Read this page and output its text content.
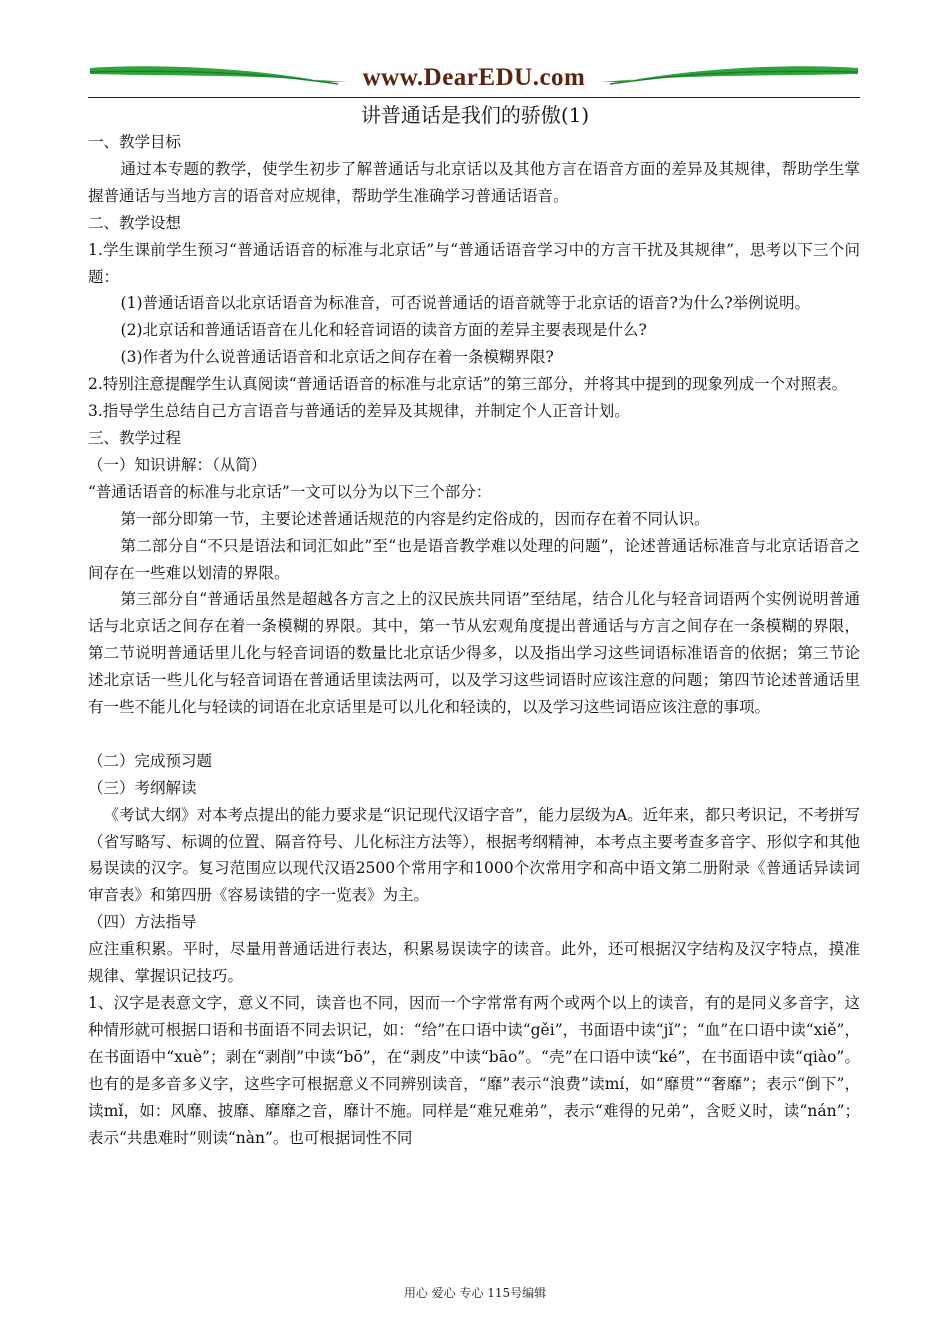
www.DearEDU.com
讲普通话是我们的骄傲(1)

一、教学目标

通过本专题的教学，使学生初步了解普通话与北京话以及其他方言在语音方面的差异及其规律，帮助学生掌握普通话与当地方言的语音对应规律，帮助学生准确学习普通话语音。

二、教学设想

1.学生课前学生预习“普通话语音的标准与北京话”与“普通话语音学习中的方言干扰及其规律”，思考以下三个问题：

(1)普通话语音以北京话语音为标准音，可否说普通话的语音就等于北京话的语音?为什么?举例说明。

(2)北京话和普通话语音在儿化和轻音词语的读音方面的差异主要表现是什么?

(3)作者为什么说普通话语音和北京话之间存在着一条模糊界限?

2.特别注意提醒学生认真阅读“普通话语音的标准与北京话”的第三部分，并将其中提到的现象列成一个对照表。

3.指导学生总结自己方言语音与普通话的差异及其规律，并制定个人正音计划。

三、教学过程

（一）知识讲解：（从简）

“普通话语音的标准与北京话”一文可以分为以下三个部分：

第一部分即第一节，主要论述普通话规范的内容是约定俗成的，因而存在着不同认识。

第二部分自“不只是语法和词汇如此”至“也是语音教学难以处理的问题”，论述普通话标准音与北京话语音之间存在一些难以划清的界限。

第三部分自“普通话虽然是超越各方言之上的汉民族共同语”至结尾，结合儿化与轻音词语两个实例说明普通话与北京话之间存在着一条模糊的界限。其中，第一节从宏观角度提出普通话与方言之间存在一条模糊的界限，第二节说明普通话里儿化与轻音词语的数量比北京话少得多，以及指出学习这些词语标准语音的依据；第三节论述北京话一些儿化与轻音词语在普通话里读法两可，以及学习这些词语时应该注意的问题；第四节论述普通话里有一些不能儿化与轻读的词语在北京话里是可以儿化和轻读的，以及学习这些词语应该注意的事项。

（二）完成预习题

（三）考纲解读

《考试大纲》对本考点提出的能力要求是“识记现代汉语字音”，能力层级为A。近年来，都只考识记，不考拼写（省写略写、标调的位置、隔音符号、儿化标注方法等），根据考纲精神，本考点主要考查多音字、形似字和其他易误读的汉字。复习范围应以现代汉语2500个常用字和1000个次常用字和高中语文第二册附录《普通话异读词审音表》和第四册《容易读错的字一览表》为主。

（四）方法指导

应注重积累。平时，尽量用普通话进行表达，积累易误读字的读音。此外，还可根据汉字结构及汉字特点，摸准规律、掌握识记技巧。

1、汉字是表意文字，意义不同，读音也不同，因而一个字常常有两个或两个以上的读音，有的是同义多音字，这种情形就可根据口语和书面语不同去识记，如：“给”在口语中读“gěi”，书面语中读“jǐ”；“血”在口语中读“xiě”，在书面语中“xuè”；剥在“剥削”中读“bō”，在“剥皮”中读“bāo”。“壳”在口语中读“ké”，在书面语中读“qiào”。也有的是多音多义字，这些字可根据意义不同辨别读音，“靡”表示“浪费”读mí，如“靡贯”“奢靡”；表示“倒下”，读mǐ，如：风靡、披靡、靡靡之音，靡计不施。同样是“难兄难弟”，表示“难得的兄弟”，含贬义时，读“nán”；表示“共患难时”则读“nàn”。也可根据词性不同

用心 爱心 专心 115号编辑
